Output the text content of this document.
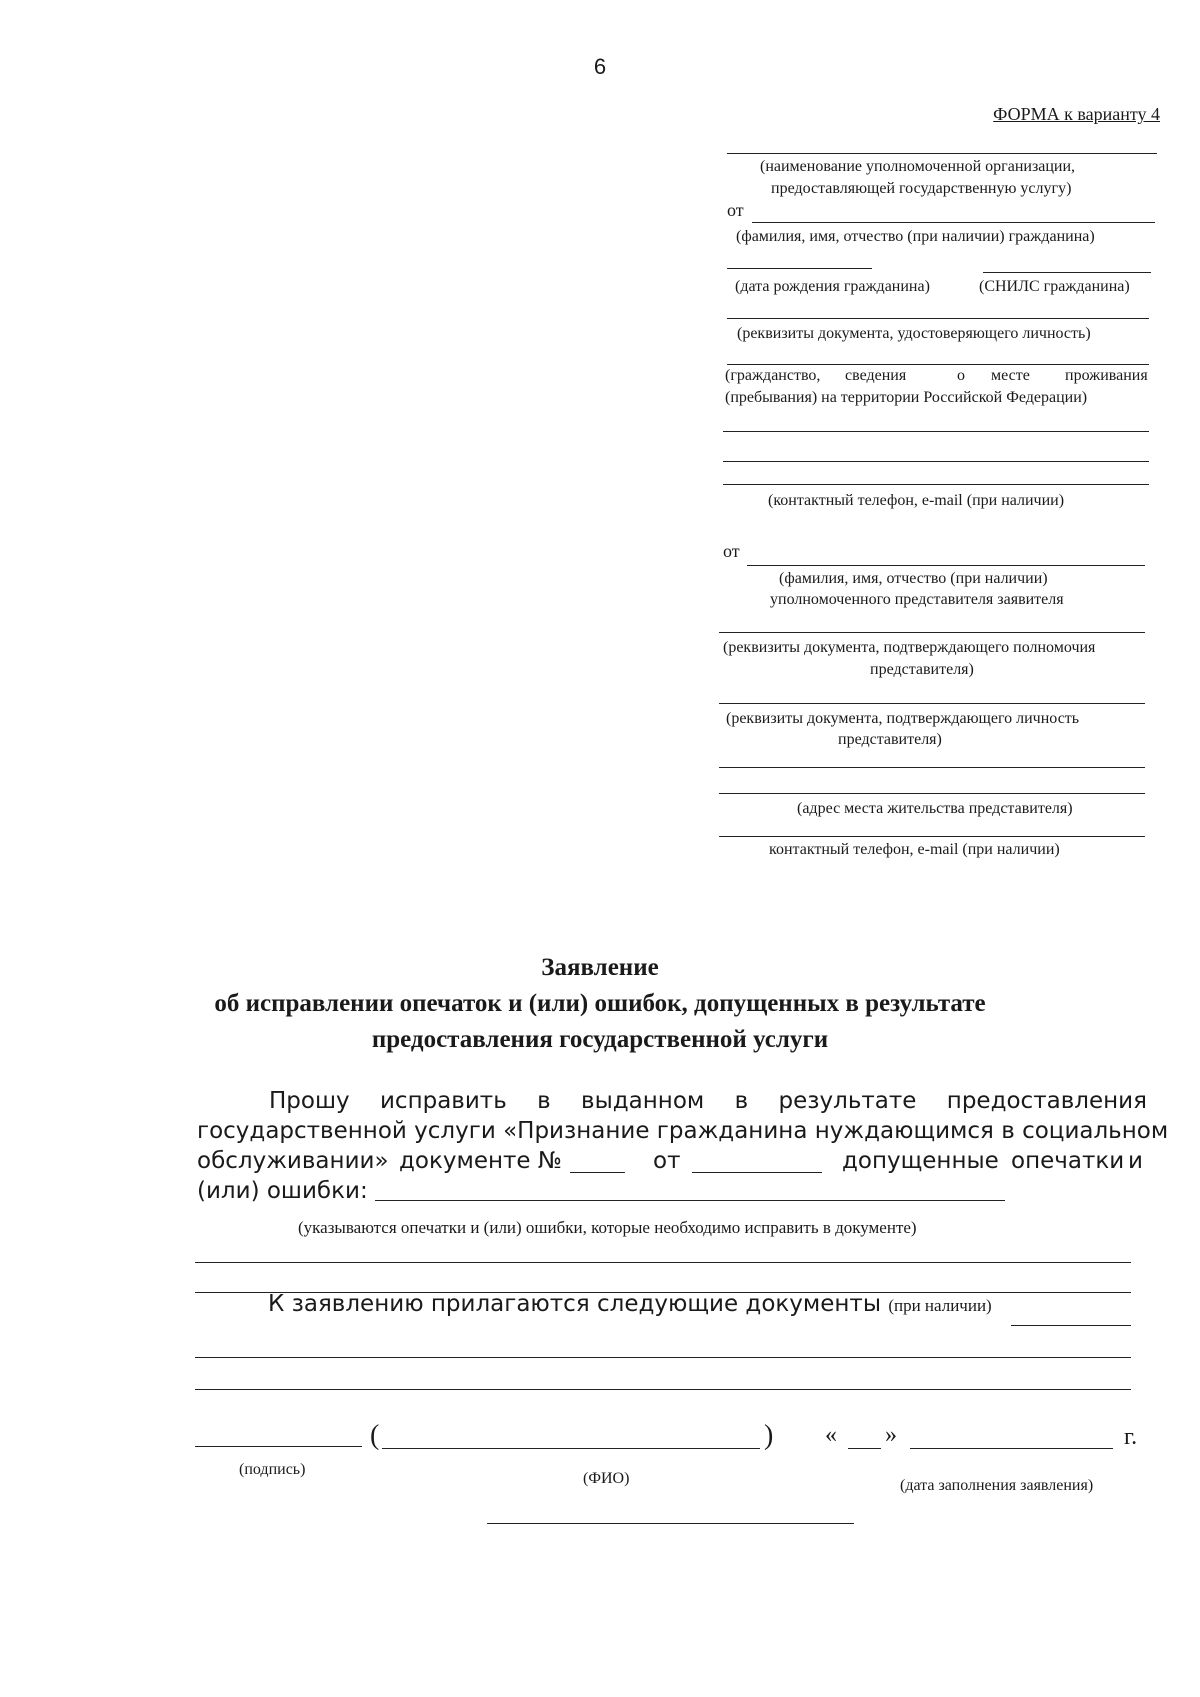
6
ФОРМА к варианту 4
(наименование уполномоченной организации,
предоставляющей государственную услугу)
от
(фамилия, имя, отчество (при наличии) гражданина)
(дата рождения гражданина)	(СНИЛС гражданина)
(реквизиты документа, удостоверяющего личность)
(гражданство, сведения	о месте проживания
(пребывания) на территории Российской Федерации)
(контактный телефон, e-mail (при наличии)
от
(фамилия, имя, отчество (при наличии)
уполномоченного представителя заявителя
(реквизиты документа, подтверждающего полномочия
представителя)
(реквизиты документа, подтверждающего личность
представителя)
(адрес места жительства представителя)
контактный телефон, e-mail (при наличии)
Заявление
об исправлении опечаток и (или) ошибок, допущенных в результате
предоставления государственной услуги
Прошу исправить в выданном в результате предоставления
государственной услуги «Признание гражданина нуждающимся в социальном
обслуживании» документе №	от	допущенные опечатки и
(или) ошибки:
(указываются опечатки и (или) ошибки, которые необходимо исправить в документе)
К заявлению прилагаются следующие документы (при наличии)
(	) « »	г.
(подпись)
(ФИО)	(дата заполнения заявления)
